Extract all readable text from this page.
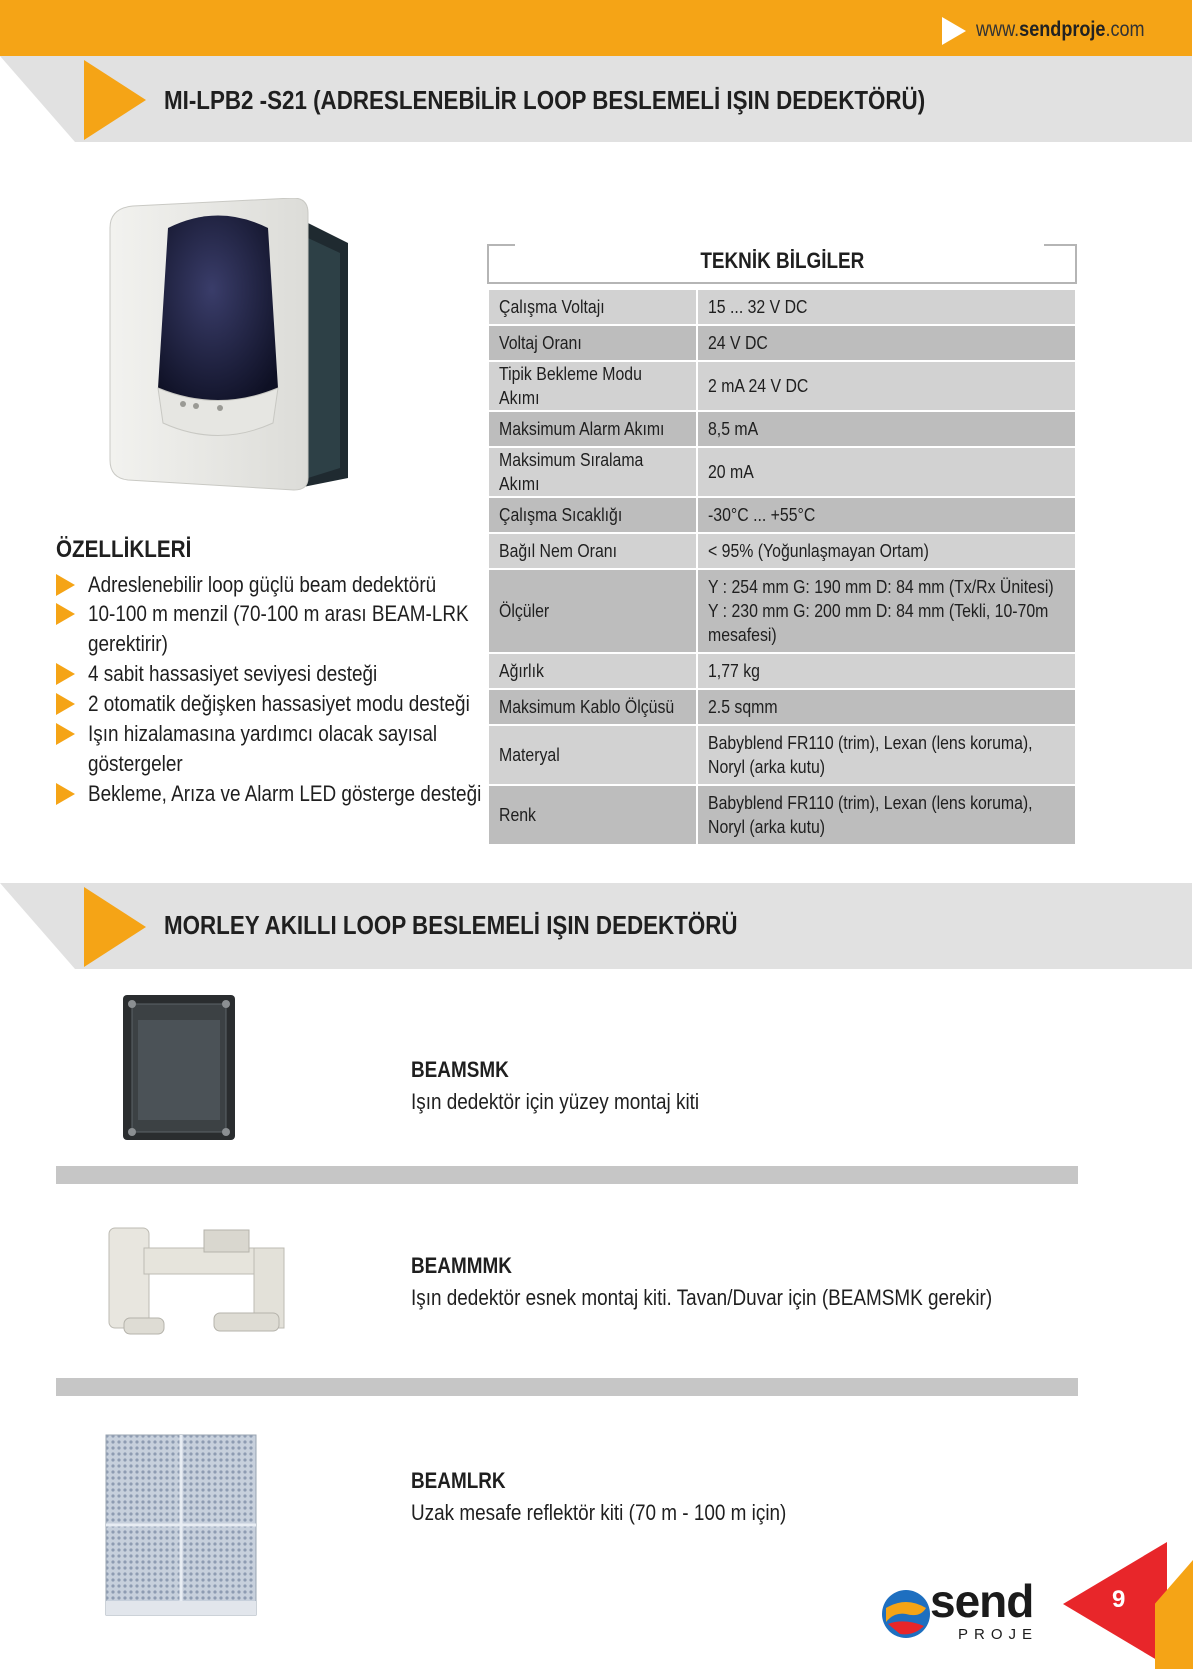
www.sendproje.com
MI-LPB2 -S21 (ADRESLENEBİLİR LOOP BESLEMELİ IŞIN DEDEKTÖRÜ)
ÖZELLİKLERİ
Adreslenebilir loop güçlü beam dedektörü
10-100 m menzil (70-100 m arası BEAM-LRK
gerektirir)
4 sabit hassasiyet seviyesi desteği
2 otomatik değişken hassasiyet modu desteği
Işın hizalamasına yardımcı olacak sayısal
göstergeler
Bekleme, Arıza ve Alarm LED gösterge desteği
TEKNİK BİLGİLER
Çalışma Voltajı	15 ... 32 V DC
Voltaj Oranı	24 V DC
Tipik Bekleme Modu Akımı	2 mA 24 V DC
Maksimum Alarm Akımı	8,5 mA
Maksimum Sıralama Akımı	20 mA
Çalışma Sıcaklığı	-30°C ... +55°C
Bağıl Nem Oranı	< 95% (Yoğunlaşmayan Ortam)
Ölçüler	Y : 254 mm G: 190 mm D: 84 mm (Tx/Rx Ünitesi) Y : 230 mm G: 200 mm D: 84 mm (Tekli, 10-70m mesafesi)
Ağırlık	1,77 kg
Maksimum Kablo Ölçüsü	2.5 sqmm
Materyal	Babyblend FR110 (trim), Lexan (lens koruma), Noryl (arka kutu)
Renk	Babyblend FR110 (trim), Lexan (lens koruma), Noryl (arka kutu)
MORLEY AKILLI LOOP BESLEMELİ IŞIN DEDEKTÖRÜ
BEAMSMK
Işın dedektör için yüzey montaj kiti
BEAMMMK
Işın dedektör esnek montaj kiti. Tavan/Duvar için (BEAMSMK gerekir)
BEAMLRK
Uzak mesafe reflektör kiti (70 m - 100 m için)
send
PROJE
9
